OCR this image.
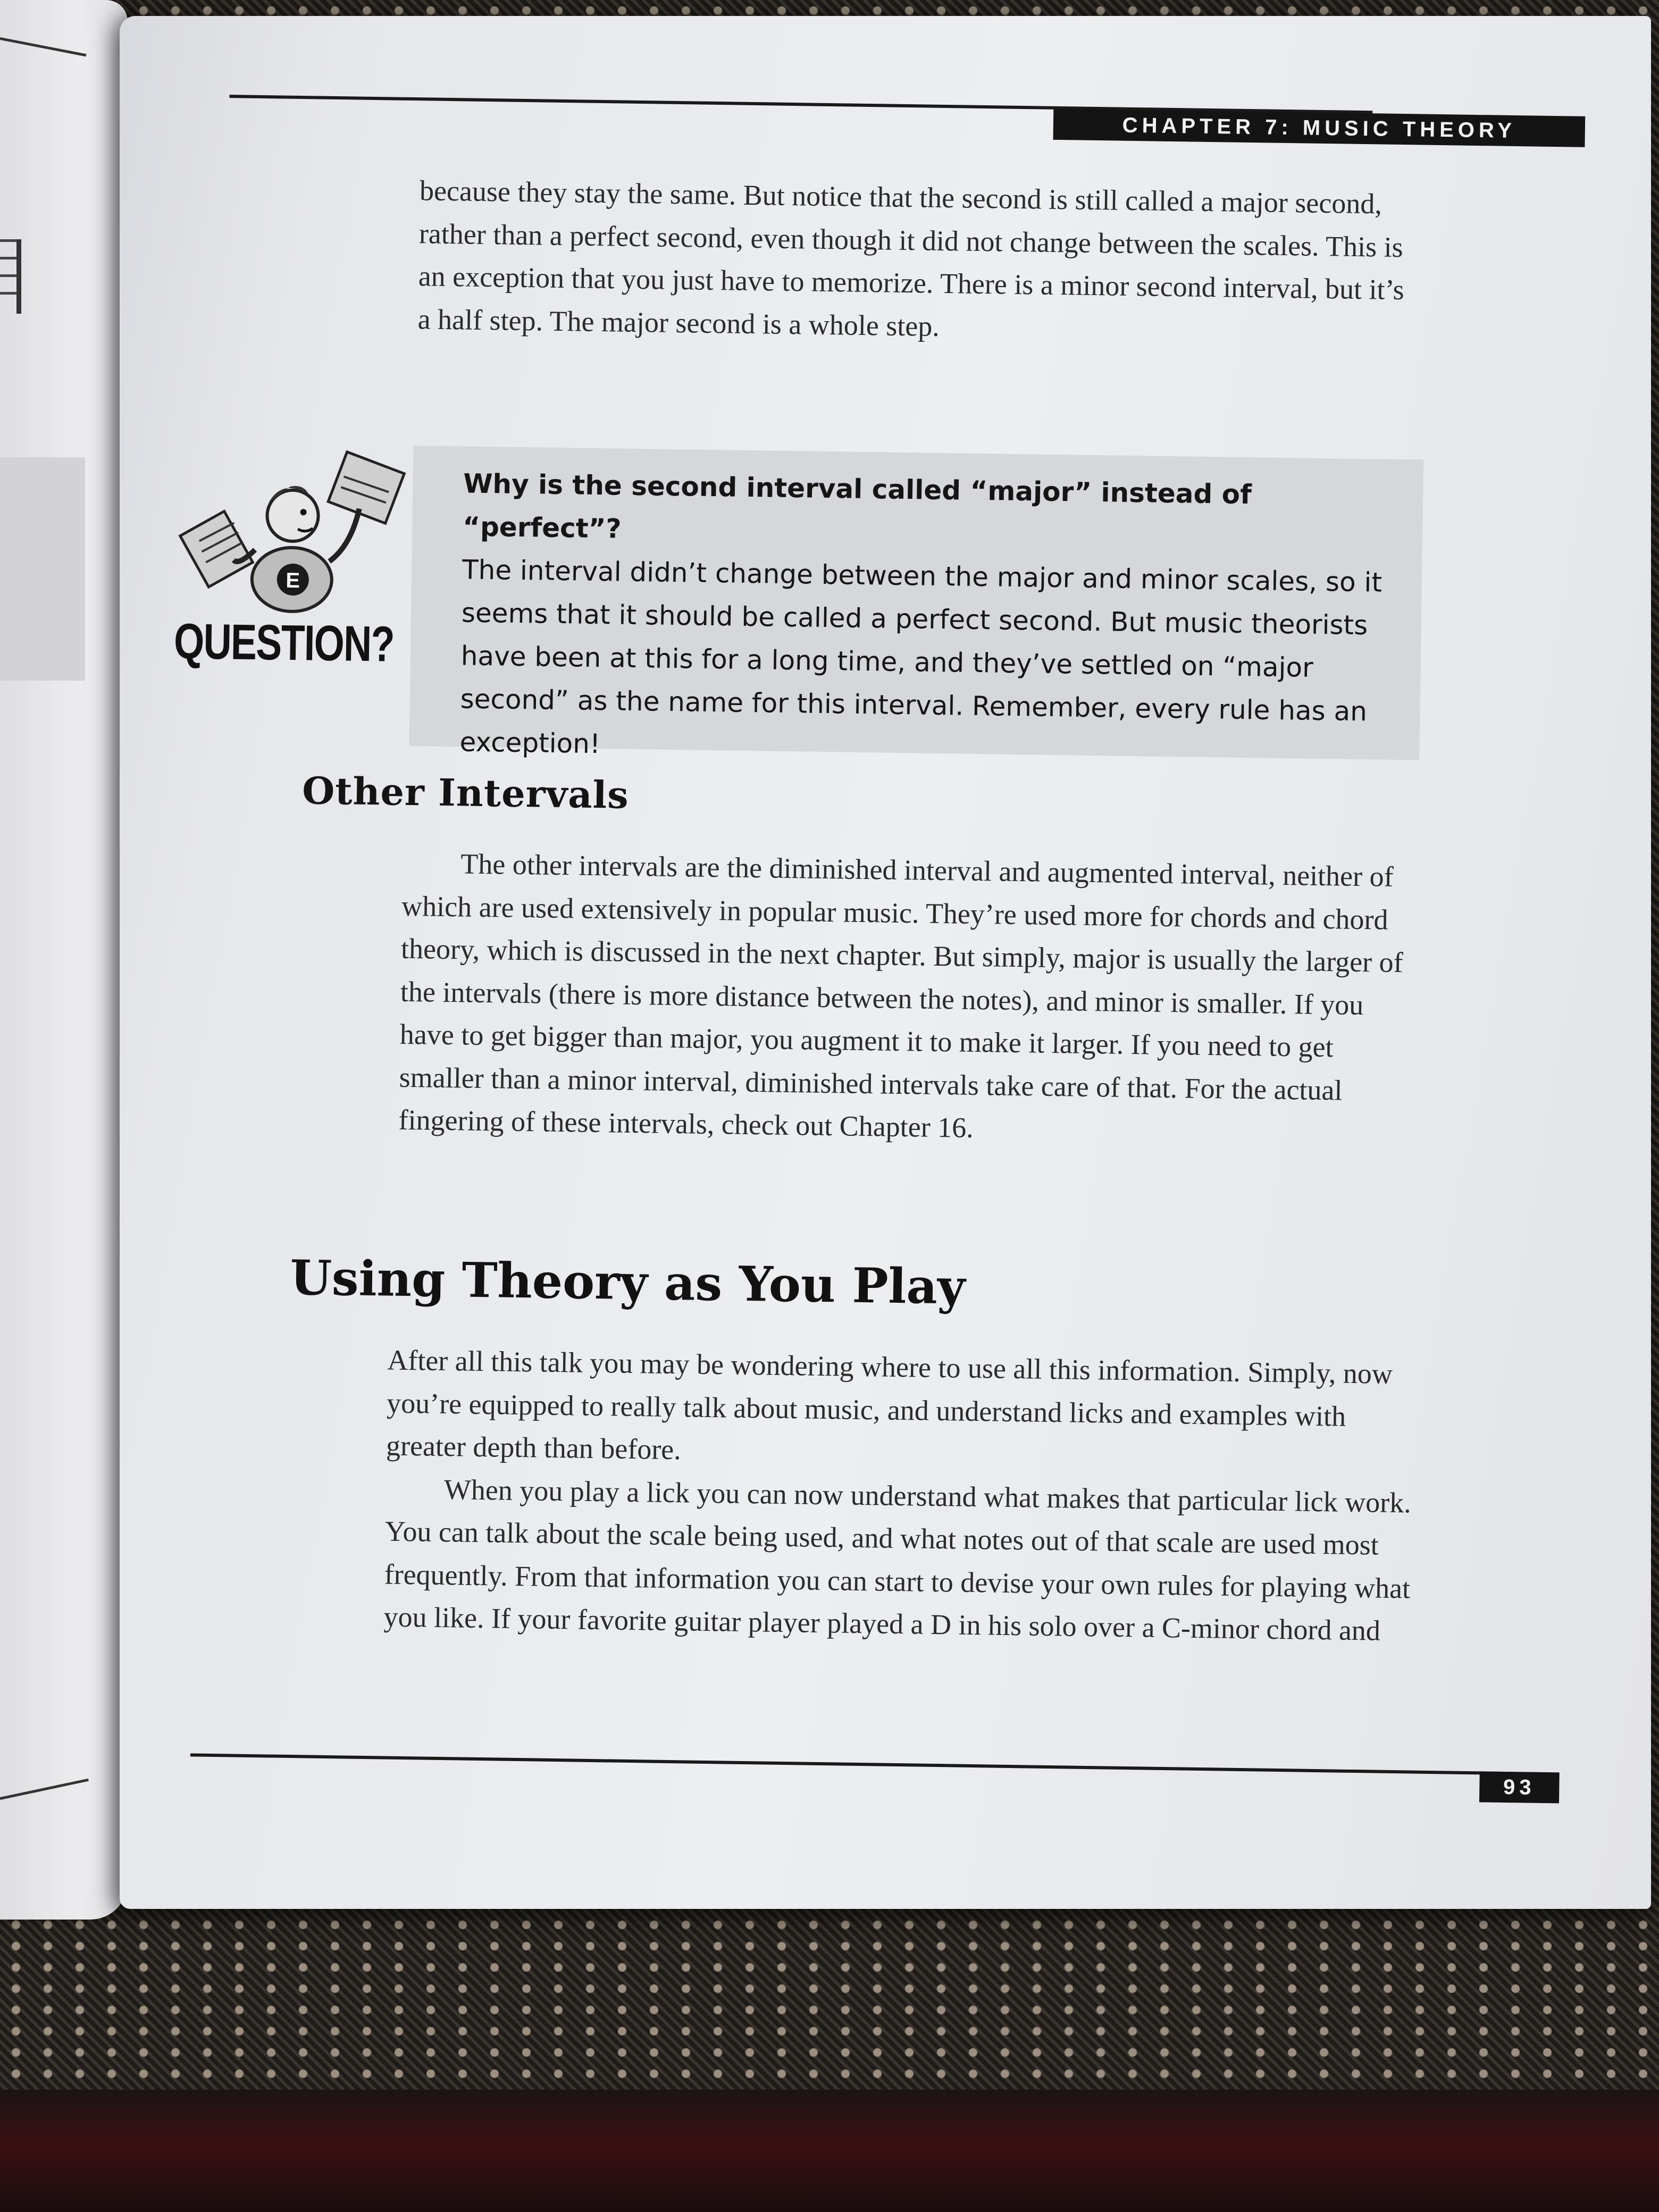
CHAPTER 7: MUSIC THEORY

because they stay the same. But notice that the second is still called a major second, rather than a perfect second, even though it did not change between the scales. This is an exception that you just have to memorize. There is a minor second interval, but it’s a half step. The major second is a whole step.

Why is the second interval called “major” instead of “perfect”?

The interval didn’t change between the major and minor scales, so it seems that it should be called a perfect second. But music theorists have been at this for a long time, and they’ve settled on “major second” as the name for this interval. Remember, every rule has an exception!

E
QUESTION?
Other Intervals

The other intervals are the diminished interval and augmented interval, neither of which are used extensively in popular music. They’re used more for chords and chord theory, which is discussed in the next chapter. But simply, major is usually the larger of the intervals (there is more distance between the notes), and minor is smaller. If you have to get bigger than major, you augment it to make it larger. If you need to get smaller than a minor interval, diminished intervals take care of that. For the actual fingering of these intervals, check out Chapter 16.

Using Theory as You Play

After all this talk you may be wondering where to use all this information. Simply, now you’re equipped to really talk about music, and understand licks and examples with greater depth than before.

When you play a lick you can now understand what makes that particular lick work. You can talk about the scale being used, and what notes out of that scale are used most frequently. From that information you can start to devise your own rules for playing what you like. If your favorite guitar player played a D in his solo over a C-minor chord and

93
